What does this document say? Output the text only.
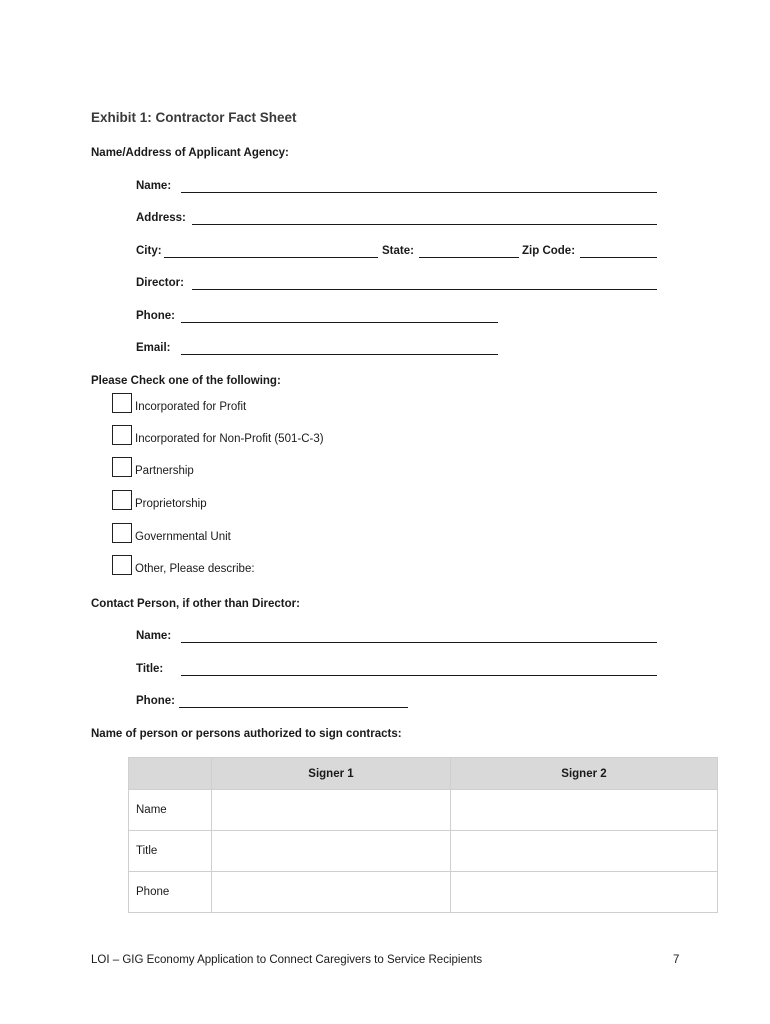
Exhibit 1: Contractor Fact Sheet
Name/Address of Applicant Agency:
Name:
Address:
City:	State:	Zip Code:
Director:
Phone:
Email:
Please Check one of the following:
Incorporated for Profit
Incorporated for Non-Profit (501-C-3)
Partnership
Proprietorship
Governmental Unit
Other, Please describe:
Contact Person, if other than Director:
Name:
Title:
Phone:
Name of person or persons authorized to sign contracts:
	Signer 1	Signer 2
Name		
Title		
Phone		
LOI – GIG Economy Application to Connect Caregivers to Service Recipients	7
